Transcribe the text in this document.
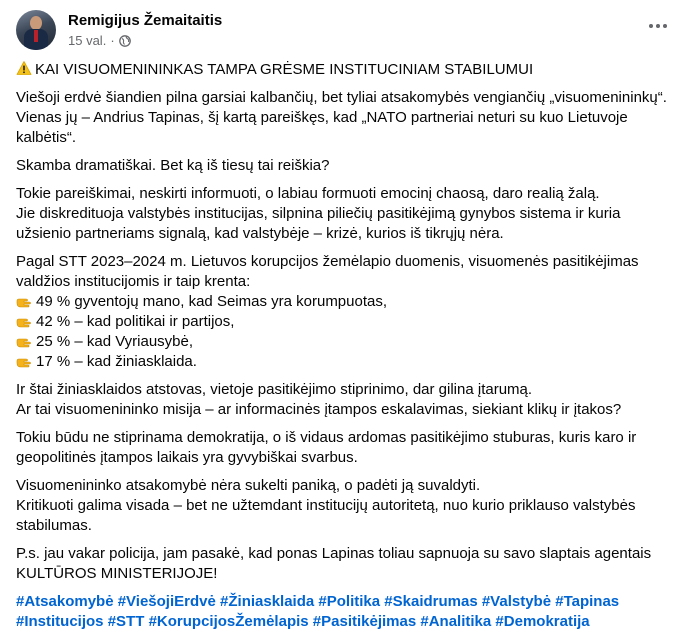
Remigijus Žemaitaitis
15 val. ·

KAI VISUOMENININKAS TAMPA GRĖSME INSTITUCINIAM STABILUMUI

Viešoji erdvė šiandien pilna garsiai kalbančių, bet tyliai atsakomybės vengiančių „visuomenininkų“. Vienas jų – Andrius Tapinas, šį kartą pareiškęs, kad „NATO partneriai neturi su kuo Lietuvoje kalbėtis“.

Skamba dramatiškai. Bet ką iš tiesų tai reiškia?

Tokie pareiškimai, neskirti informuoti, o labiau formuoti emocinį chaosą, daro realią žalą.
Jie diskredituoja valstybės institucijas, silpnina piliečių pasitikėjimą gynybos sistema ir kuria užsienio partneriams signalą, kad valstybėje – krizė, kurios iš tikrųjų nėra.

Pagal STT 2023–2024 m. Lietuvos korupcijos žemėlapio duomenis, visuomenės pasitikėjimas valdžios institucijomis ir taip krenta:
49 % gyventojų mano, kad Seimas yra korumpuotas,
42 % – kad politikai ir partijos,
25 % – kad Vyriausybė,
17 % – kad žiniasklaida.

Ir štai žiniasklaidos atstovas, vietoje pasitikėjimo stiprinimo, dar gilina įtarumą.
Ar tai visuomenininko misija – ar informacinės įtampos eskalavimas, siekiant klikų ir įtakos?

Tokiu būdu ne stiprinama demokratija, o iš vidaus ardomas pasitikėjimo stuburas, kuris karo ir geopolitinės įtampos laikais yra gyvybiškai svarbus.

Visuomenininko atsakomybė nėra sukelti paniką, o padėti ją suvaldyti.
Kritikuoti galima visada – bet ne užtemdant institucijų autoritetą, nuo kurio priklauso valstybės stabilumas.

P.s. jau vakar policija, jam pasakė, kad ponas Lapinas toliau sapnuoja su savo slaptais agentais KULTŪROS MINISTERIJOJE!

#Atsakomybė #ViešojiErdvė #Žiniasklaida #Politika #Skaidrumas #Valstybė #Tapinas #Institucijos #STT #KorupcijosŽemėlapis #Pasitikėjimas #Analitika #Demokratija
